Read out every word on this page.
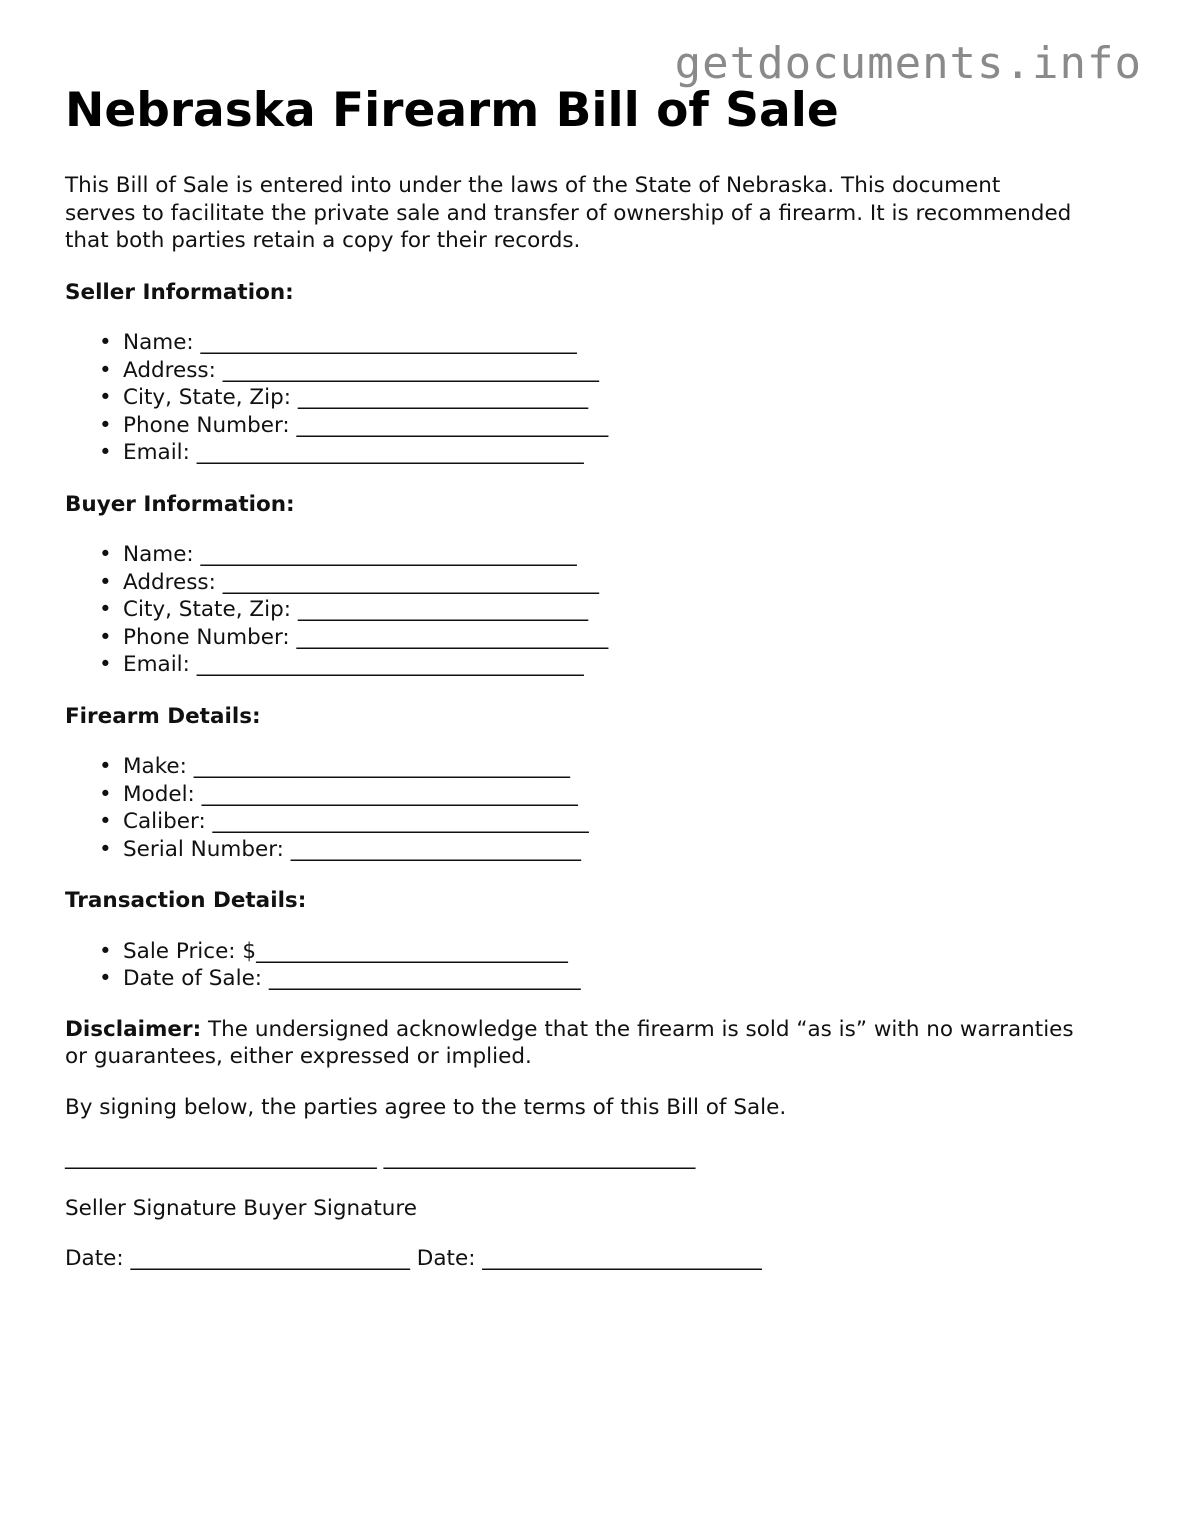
getdocuments.info
Nebraska Firearm Bill of Sale

This Bill of Sale is entered into under the laws of the State of Nebraska. This document serves to facilitate the private sale and transfer of ownership of a firearm. It is recommended that both parties retain a copy for their records.

Seller Information:
• Name: ___________________________________
• Address: ___________________________________
• City, State, Zip: ___________________________
• Phone Number: _____________________________
• Email: ____________________________________
Buyer Information:
• Name: ___________________________________
• Address: ___________________________________
• City, State, Zip: ___________________________
• Phone Number: _____________________________
• Email: ____________________________________
Firearm Details:
• Make: ___________________________________
• Model: ___________________________________
• Caliber: ___________________________________
• Serial Number: ___________________________
Transaction Details:
• Sale Price: $_____________________________
• Date of Sale: _____________________________

Disclaimer: The undersigned acknowledge that the firearm is sold “as is” with no warranties or guarantees, either expressed or implied.

By signing below, the parties agree to the terms of this Bill of Sale.

_____________________________ _____________________________
Seller Signature Buyer Signature
Date: __________________________ Date: __________________________
